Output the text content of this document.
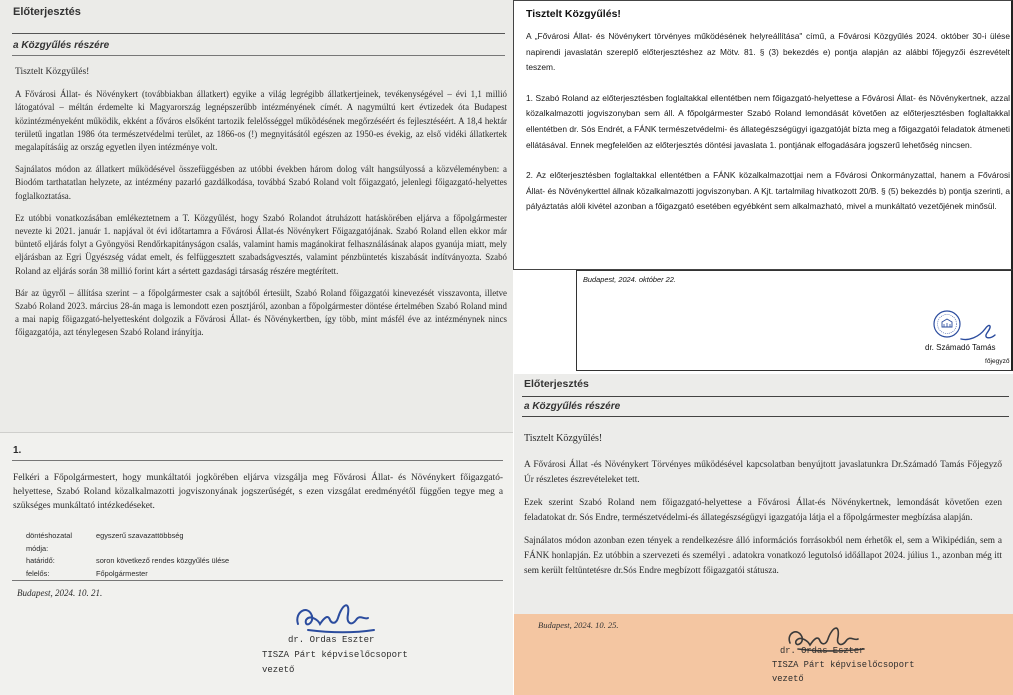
Előterjesztés
a Közgyűlés részére

Tisztelt Közgyűlés!

A Fővárosi Állat- és Növénykert (továbbiakban állatkert) egyike a világ legrégibb állatkertjeinek, tevékenységével – évi 1,1 millió látogatóval – méltán érdemelte ki Magyarország legnépszerűbb intézményének címét. A nagymúltú kert évtizedek óta Budapest közintézményeként működik, ekként a főváros elsőként tartozik felelősséggel működésének megőrzéséért és fejlesztéséért. A 18,4 hektár területű ingatlan 1986 óta természetvédelmi terület, az 1866-os (!) megnyitásától egészen az 1950-es évekig, az első vidéki állatkertek megalapításáig az ország egyetlen ilyen intézménye volt.

Sajnálatos módon az állatkert működésével összefüggésben az utóbbi években három dolog vált hangsúlyossá a közvéleményben: a Biodóm tarthatatlan helyzete, az intézmény pazarló gazdálkodása, továbbá Szabó Roland volt főigazgató, jelenlegi főigazgató-helyettes foglalkoztatása.

Ez utóbbi vonatkozásában emlékeztetnem a T. Közgyűlést, hogy Szabó Rolandot átruházott hatáskörében eljárva a főpolgármester nevezte ki 2021. január 1. napjával öt évi időtartamra a Fővárosi Állat-és Növénykert Főigazgatójának. Szabó Roland ellen ekkor már büntető eljárás folyt a Gyöngyösi Rendőrkapitányságon csalás, valamint hamis magánokirat felhasználásának alapos gyanúja miatt, mely eljárásban az Egri Ügyészség vádat emelt, és felfüggesztett szabadságvesztés, valamint pénzbüntetés kiszabását indítványozta. Szabó Roland az eljárás során 38 millió forint kárt a sértett gazdasági társaság részére megtérített.

Bár az ügyről – állítása szerint – a főpolgármester csak a sajtóból értesült, Szabó Roland főigazgatói kinevezését visszavonta, illetve Szabó Roland 2023. március 28-án maga is lemondott ezen posztjáról, azonban a főpolgármester döntése értelmében Szabó Roland mind a mai napig főigazgató-helyettesként dolgozik a Fővárosi Állat- és Növénykertben, így több, mint másfél éve az intézménynek nincs főigazgatója, azt ténylegesen Szabó Roland irányítja.

1.
Felkéri a Főpolgármestert, hogy munkáltatói jogkörében eljárva vizsgálja meg Fővárosi Állat- és Növénykert főigazgató-helyettese, Szabó Roland közalkalmazotti jogviszonyának jogszerűségét, s ezen vizsgálat eredményétől függően tegye meg a szükséges munkáltató intézkedéseket.
döntéshozatal módja:
egyszerű szavazattöbbség
határidő:	soron következő rendes közgyűlés ülése
felelős:	Főpolgármester
Budapest, 2024. 10. 21.
dr. Ordas Eszter
TISZA Párt képviselőcsoport
vezető
Tisztelt Közgyűlés!

A „Fővárosi Állat- és Növénykert törvényes működésének helyreállítása" című, a Fővárosi Közgyűlés 2024. október 30-i ülése napirendi javaslatán szereplő előterjesztéshez az Mötv. 81. § (3) bekezdés e) pontja alapján az alábbi főjegyzői észrevételt teszem.

1. Szabó Roland az előterjesztésben foglaltakkal ellentétben nem főigazgató-helyettese a Fővárosi Állat- és Növénykertnek, azzal közalkalmazotti jogviszonyban sem áll. A főpolgármester Szabó Roland lemondását követően az előterjesztésben foglaltakkal ellentétben dr. Sós Endrét, a FÁNK természetvédelmi- és állategészségügyi igazgatóját bízta meg a főigazgatói feladatok átmeneti ellátásával. Ennek megfelelően az előterjesztés döntési javaslata 1. pontjának elfogadására jogszerű lehetőség nincsen.

2. Az előterjesztésben foglaltakkal ellentétben a FÁNK közalkalmazottjai nem a Fővárosi Önkormányzattal, hanem a Fővárosi Állat- és Növénykerttel állnak közalkalmazotti jogviszonyban. A Kjt. tartalmilag hivatkozott 20/B. § (5) bekezdés b) pontja szerinti, a pályáztatás alóli kivétel azonban a főigazgató esetében egyébként sem alkalmazható, mivel a munkáltató vezetőjének minősül.

Budapest, 2024. október 22.
dr. Számadó Tamás
főjegyző
Előterjesztés
a Közgyűlés részére
Tisztelt Közgyűlés!

A Fővárosi Állat -és Növénykert Törvényes működésével kapcsolatban benyújtott javaslatunkra Dr.Számadó Tamás Főjegyző Úr részletes észrevételeket tett.

Ezek szerint Szabó Roland nem főigazgató-helyettese a Fővárosi Állat-és Növénykertnek, lemondását követően ezen feladatokat dr. Sós Endre, természetvédelmi-és állategészségügyi igazgatója látja el a főpolgármester megbízása alapján.

Sajnálatos módon azonban ezen tények a rendelkezésre álló információs forrásokból nem érhetők el, sem a Wikipédián, sem a FÁNK honlapján. Ez utóbbin a szervezeti és személyi . adatokra vonatkozó legutolsó időállapot 2024. július 1., azonban még itt sem került feltüntetésre dr.Sós Endre megbízott főigazgatói státusza.

Budapest, 2024. 10. 25.
dr. Ordas Eszter
TISZA Párt képviselőcsoport
vezető
